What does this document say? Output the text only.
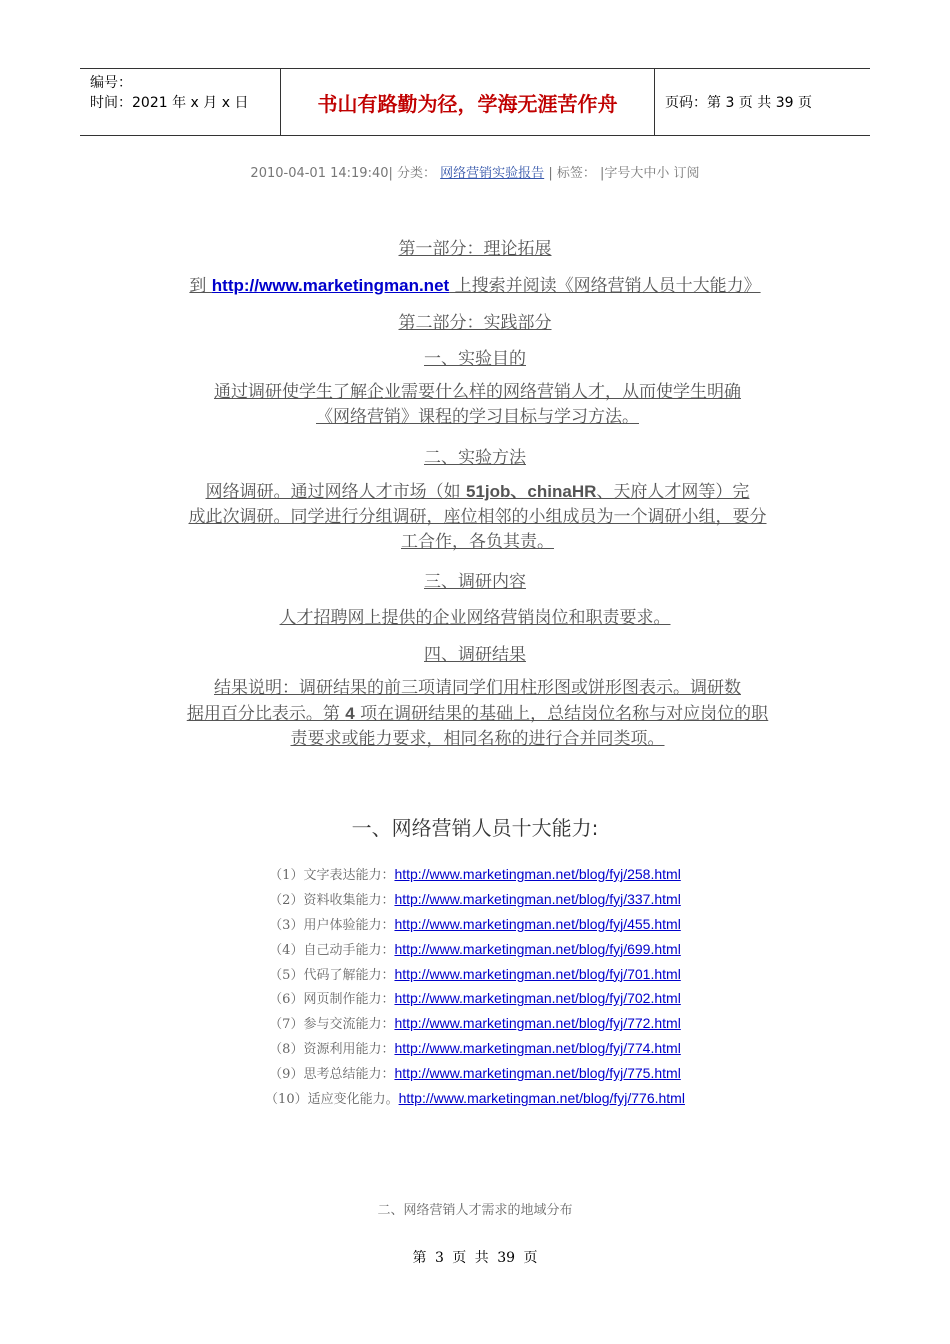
编号：
时间：2021 年 x 月 x 日	书山有路勤为径，学海无涯苦作舟	页码：第 3 页 共 39 页
2010-04-01 14:19:40| 分类： 网络营销实验报告 | 标签： |字号大中小 订阅
第一部分：理论拓展
到 http://www.marketingman.net 上搜索并阅读《网络营销人员十大能力》
第二部分：实践部分
一、实验目的
通过调研使学生了解企业需要什么样的网络营销人才，从而使学生明确
《网络营销》课程的学习目标与学习方法。
二、实验方法
网络调研。通过网络人才市场（如 51job、chinaHR、天府人才网等）完
成此次调研。同学进行分组调研，座位相邻的小组成员为一个调研小组，要分
工合作，各负其责。
三、调研内容
人才招聘网上提供的企业网络营销岗位和职责要求。
四、调研结果
结果说明：调研结果的前三项请同学们用柱形图或饼形图表示。调研数
据用百分比表示。第 4 项在调研结果的基础上，总结岗位名称与对应岗位的职
责要求或能力要求，相同名称的进行合并同类项。
一、网络营销人员十大能力:
（1）文字表达能力：http://www.marketingman.net/blog/fyj/258.html
（2）资料收集能力：http://www.marketingman.net/blog/fyj/337.html
（3）用户体验能力：http://www.marketingman.net/blog/fyj/455.html
（4）自己动手能力：http://www.marketingman.net/blog/fyj/699.html
（5）代码了解能力：http://www.marketingman.net/blog/fyj/701.html
（6）网页制作能力：http://www.marketingman.net/blog/fyj/702.html
（7）参与交流能力：http://www.marketingman.net/blog/fyj/772.html
（8）资源利用能力：http://www.marketingman.net/blog/fyj/774.html
（9）思考总结能力：http://www.marketingman.net/blog/fyj/775.html
（10）适应变化能力。http://www.marketingman.net/blog/fyj/776.html
二、网络营销人才需求的地域分布
第 3 页 共 39 页
